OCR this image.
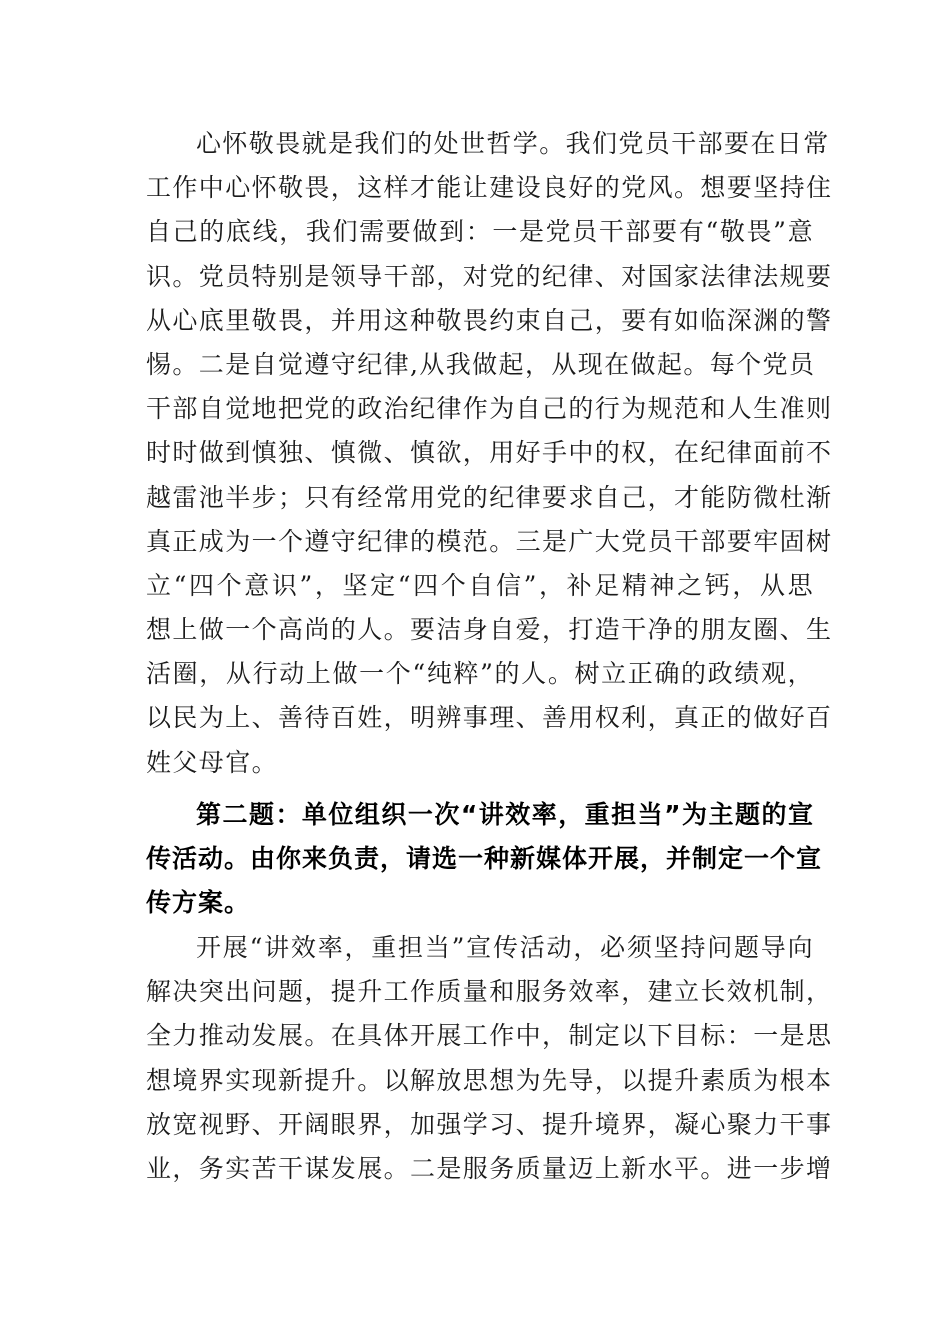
心怀敬畏就是我们的处世哲学。我们党员干部要在日常
工作中心怀敬畏，这样才能让建设良好的党风。想要坚持住
自己的底线，我们需要做到：一是党员干部要有“敬畏”意
识。党员特别是领导干部，对党的纪律、对国家法律法规要
从心底里敬畏，并用这种敬畏约束自己，要有如临深渊的警
惕。二是自觉遵守纪律,从我做起，从现在做起。每个党员
干部自觉地把党的政治纪律作为自己的行为规范和人生准则
时时做到慎独、慎微、慎欲，用好手中的权，在纪律面前不
越雷池半步；只有经常用党的纪律要求自己，才能防微杜渐
真正成为一个遵守纪律的模范。三是广大党员干部要牢固树
立“四个意识”，坚定“四个自信”，补足精神之钙，从思
想上做一个高尚的人。要洁身自爱，打造干净的朋友圈、生
活圈，从行动上做一个“纯粹”的人。树立正确的政绩观，
以民为上、善待百姓，明辨事理、善用权利，真正的做好百
姓父母官。
第二题：单位组织一次“讲效率，重担当”为主题的宣
传活动。由你来负责，请选一种新媒体开展，并制定一个宣
传方案。
开展“讲效率，重担当”宣传活动，必须坚持问题导向
解决突出问题，提升工作质量和服务效率，建立长效机制，
全力推动发展。在具体开展工作中，制定以下目标：一是思
想境界实现新提升。以解放思想为先导，以提升素质为根本
放宽视野、开阔眼界，加强学习、提升境界，凝心聚力干事
业，务实苦干谋发展。二是服务质量迈上新水平。进一步增
